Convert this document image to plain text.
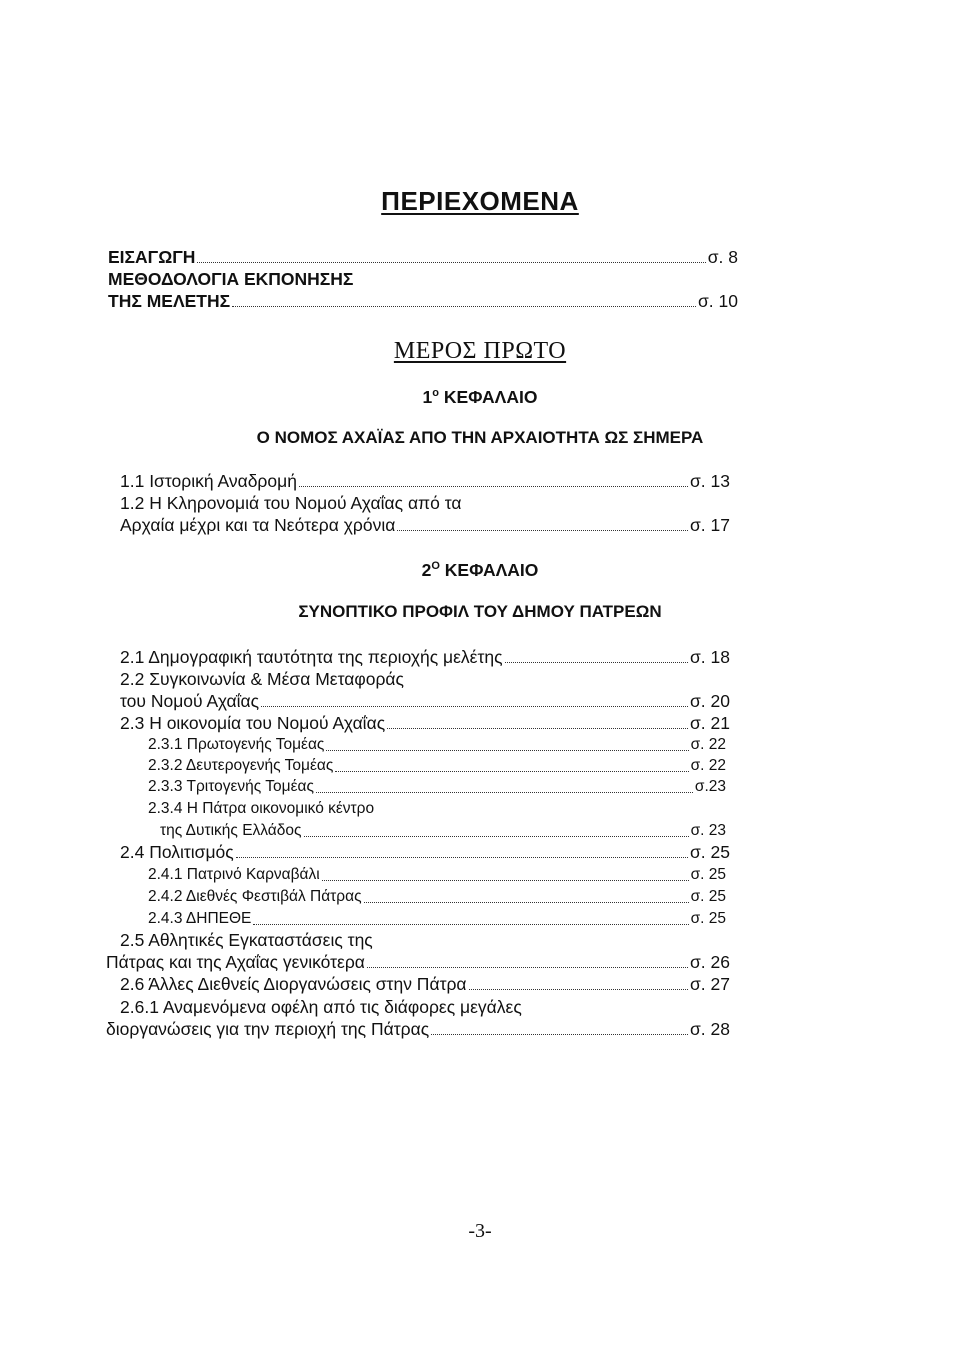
ΠΕΡΙΕΧΟΜΕΝΑ
ΕΙΣΑΓΩΓΗ	σ. 8
ΜΕΘΟΔΟΛΟΓΙΑ ΕΚΠΟΝΗΣΗΣ
ΤΗΣ ΜΕΛΕΤΗΣ	σ. 10
ΜΕΡΟΣ ΠΡΩΤΟ
$1^o$ ΚΕΦΑΛΑΙΟ
Ο ΝΟΜΟΣ ΑΧΑΪΑΣ ΑΠΟ ΤΗΝ ΑΡΧΑΙΟΤΗΤΑ ΩΣ ΣΗΜΕΡΑ
1.1 Ιστορική Αναδρομή	σ. 13
1.2 Η Κληρονομιά του Νομού Αχαΐας από τα
Αρχαία μέχρι και τα Νεότερα χρόνια	σ. 17
$2^O$ ΚΕΦΑΛΑΙΟ
ΣΥΝΟΠΤΙΚΟ ΠΡΟΦΙΛ ΤΟΥ ΔΗΜΟΥ ΠΑΤΡΕΩΝ
2.1 Δημογραφική ταυτότητα της περιοχής μελέτης	σ. 18
2.2 Συγκοινωνία & Μέσα Μεταφοράς
του Νομού Αχαΐας	σ. 20
2.3 Η οικονομία του Νομού Αχαΐας	σ. 21
2.3.1 Πρωτογενής Τομέας	σ. 22
2.3.2 Δευτερογενής Τομέας	σ. 22
2.3.3 Τριτογενής Τομέας	σ.23
2.3.4 Η Πάτρα οικονομικό κέντρο
της Δυτικής Ελλάδος	σ. 23
2.4 Πολιτισμός	σ. 25
2.4.1 Πατρινό Καρναβάλι	σ. 25
2.4.2 Διεθνές Φεστιβάλ Πάτρας	σ. 25
2.4.3 ΔΗΠΕΘΕ	σ. 25
2.5 Αθλητικές Εγκαταστάσεις της
Πάτρας και της Αχαΐας γενικότερα	σ. 26
2.6 Άλλες Διεθνείς Διοργανώσεις στην Πάτρα	σ. 27
2.6.1 Αναμενόμενα οφέλη από τις διάφορες μεγάλες
διοργανώσεις για την περιοχή της Πάτρας	σ. 28
-3-
